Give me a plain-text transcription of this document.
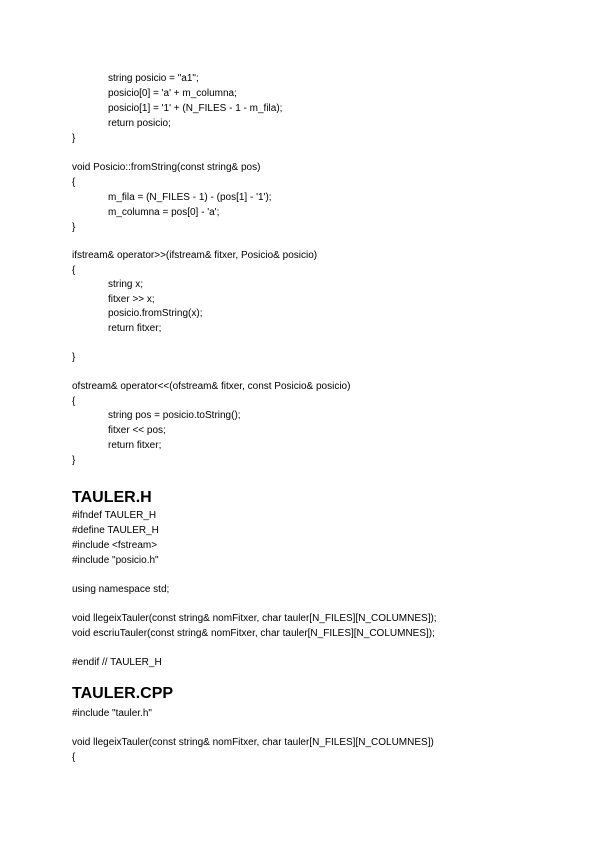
string posicio = "a1";
posicio[0] = 'a' + m_columna;
posicio[1] = '1' + (N_FILES - 1 - m_fila);
return posicio;
}
void Posicio::fromString(const string& pos)
{
m_fila = (N_FILES - 1) - (pos[1] - '1');
m_columna = pos[0] - 'a';
}
ifstream& operator>>(ifstream& fitxer, Posicio& posicio)
{
string x;
fitxer >> x;
posicio.fromString(x);
return fitxer;
}
ofstream& operator<<(ofstream& fitxer, const Posicio& posicio)
{
string pos = posicio.toString();
fitxer << pos;
return fitxer;
}
TAULER.H
#ifndef TAULER_H
#define TAULER_H
#include <fstream>
#include "posicio.h"
using namespace std;
void llegeixTauler(const string& nomFitxer, char tauler[N_FILES][N_COLUMNES]);
void escriuTauler(const string& nomFitxer, char tauler[N_FILES][N_COLUMNES]);
#endif // TAULER_H
TAULER.CPP
#include "tauler.h"
void llegeixTauler(const string& nomFitxer, char tauler[N_FILES][N_COLUMNES])
{
